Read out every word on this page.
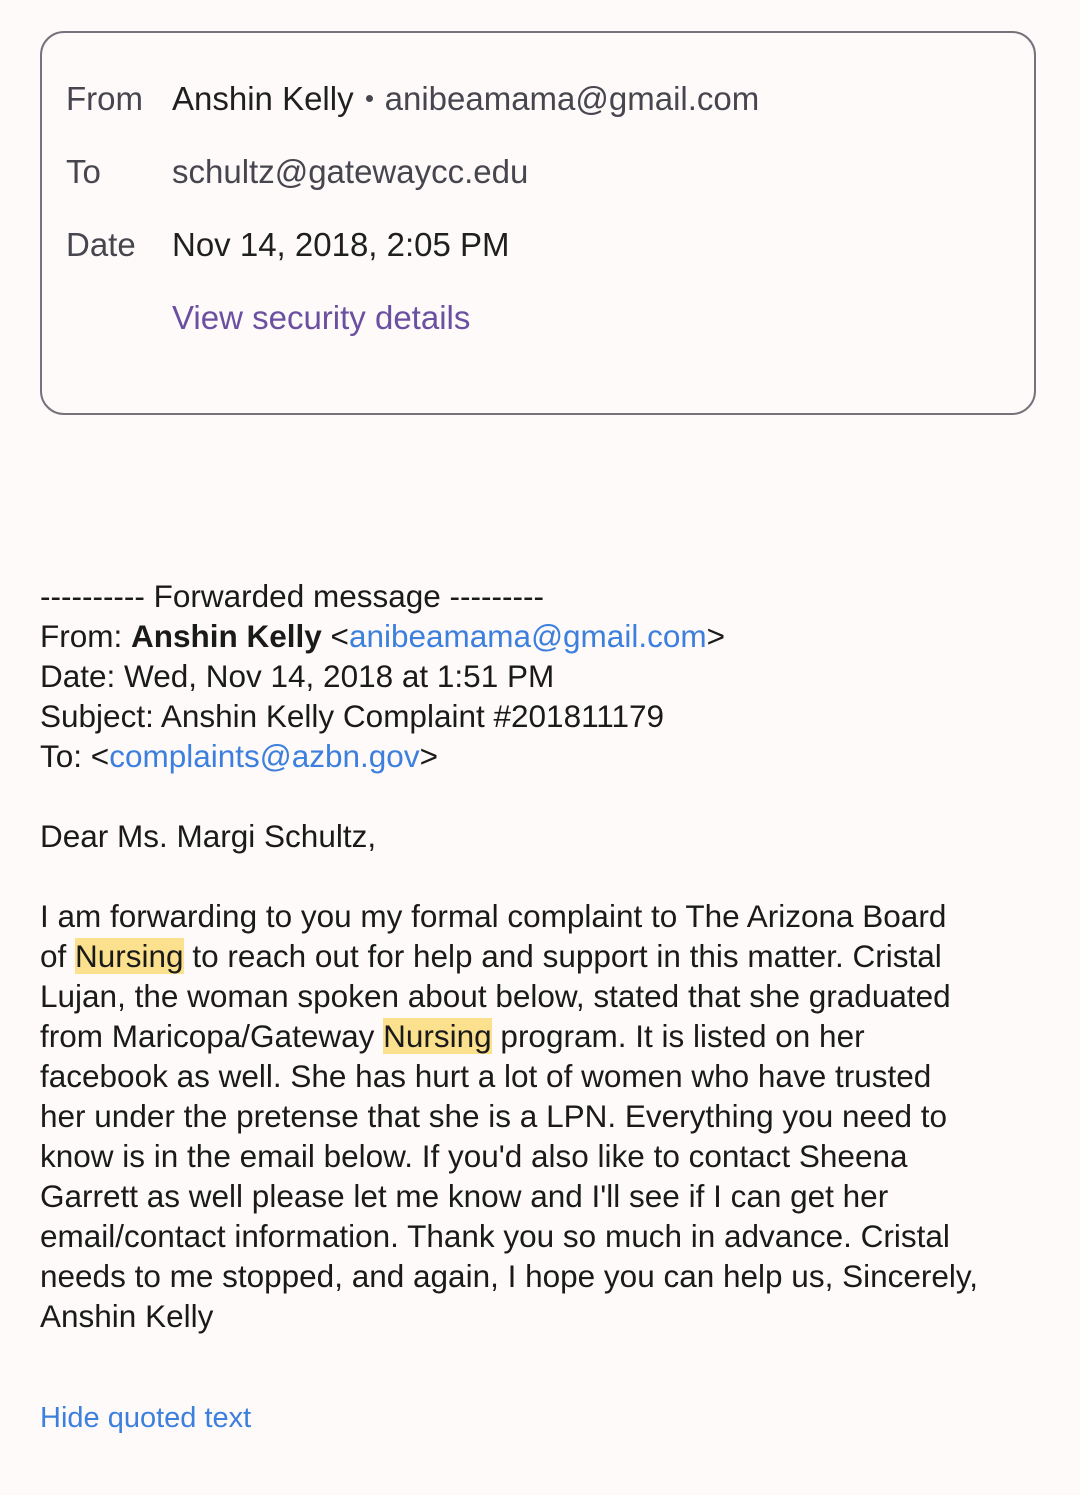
From Anshin Kelly anibeamama@gmail.com
To	schultz@gatewaycc.edu
Date	Nov 14, 2018, 2:05 PM
View security details
---------- Forwarded message ---------
From: Anshin Kelly <anibeamama@gmail.com>
Date: Wed, Nov 14, 2018 at 1:51 PM
Subject: Anshin Kelly Complaint #201811179
To: <complaints@azbn.gov>
Dear Ms. Margi Schultz,
I am forwarding to you my formal complaint to The Arizona Board
of Nursing to reach out for help and support in this matter. Cristal
Lujan, the woman spoken about below, stated that she graduated
from Maricopa/Gateway Nursing program. It is listed on her
facebook as well. She has hurt a lot of women who have trusted
her under the pretense that she is a LPN. Everything you need to
know is in the email below. If you'd also like to contact Sheena
Garrett as well please let me know and I'll see if I can get her
email/contact information. Thank you so much in advance. Cristal
needs to me stopped, and again, I hope you can help us, Sincerely,
Anshin Kelly
Hide quoted text
